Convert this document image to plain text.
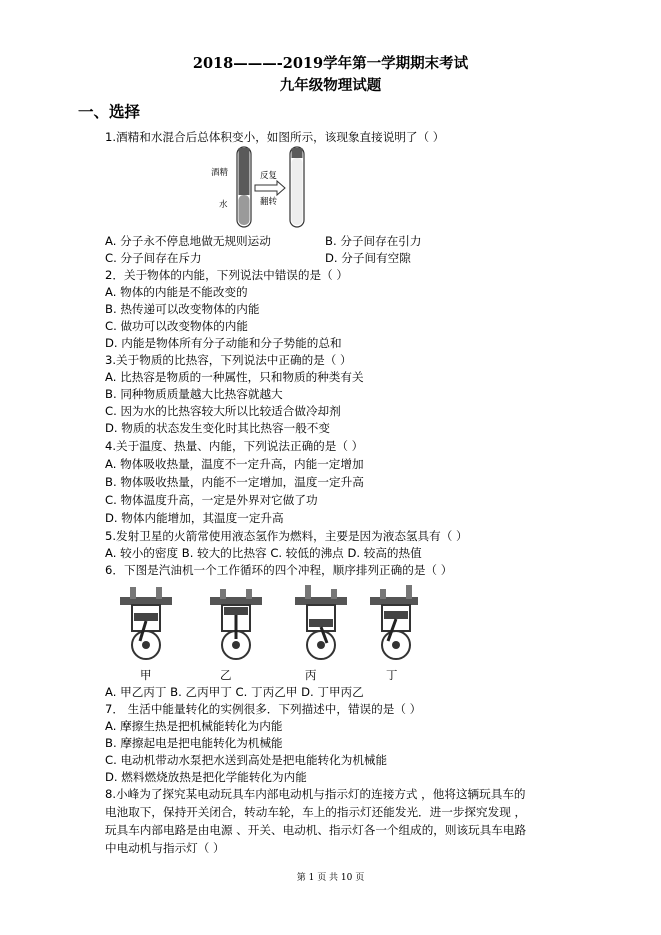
2018———-2019学年第一学期期末考试
九年级物理试题
一、选择
1.酒精和水混合后总体积变小，如图所示，该现象直接说明了（ ）
酒精
水
反复
翻转
A. 分子永不停息地做无规则运动	B. 分子间存在引力
C. 分子间存在斥力	D. 分子间有空隙
2．关于物体的内能，下列说法中错误的是（ ）
A. 物体的内能是不能改变的
B. 热传递可以改变物体的内能
C. 做功可以改变物体的内能
D. 内能是物体所有分子动能和分子势能的总和
3.关于物质的比热容，下列说法中正确的是（ ）
A. 比热容是物质的一种属性，只和物质的种类有关
B. 同种物质质量越大比热容就越大
C. 因为水的比热容较大所以比较适合做冷却剂
D. 物质的状态发生变化时其比热容一般不变
4.关于温度、热量、内能，下列说法正确的是（ ）
A. 物体吸收热量，温度不一定升高，内能一定增加
B. 物体吸收热量，内能不一定增加，温度一定升高
C. 物体温度升高，一定是外界对它做了功
D. 物体内能增加，其温度一定升高
5.发射卫星的火箭常使用液态氢作为燃料，主要是因为液态氢具有（ ）
A. 较小的密度 B. 较大的比热容 C. 较低的沸点 D. 较高的热值
6．下图是汽油机一个工作循环的四个冲程，顺序排列正确的是（ ）
甲	乙	丙	丁
A. 甲乙丙丁 B. 乙丙甲丁 C. 丁丙乙甲 D. 丁甲丙乙
7． 生活中能量转化的实例很多．下列描述中，错误的是（ ）
A. 摩擦生热是把机械能转化为内能
B. 摩擦起电是把电能转化为机械能
C. 电动机带动水泵把水送到高处是把电能转化为机械能
D. 燃料燃烧放热是把化学能转化为内能
8.小峰为了探究某电动玩具车内部电动机与指示灯的连接方式 ，他将这辆玩具车的
电池取下，保持开关闭合，转动车轮，车上的指示灯还能发光．进一步探究发现 ，
玩具车内部电路是由电源 、开关、电动机、指示灯各一个组成的，则该玩具车电路
中电动机与指示灯（ ）
第 1 页 共 10 页
